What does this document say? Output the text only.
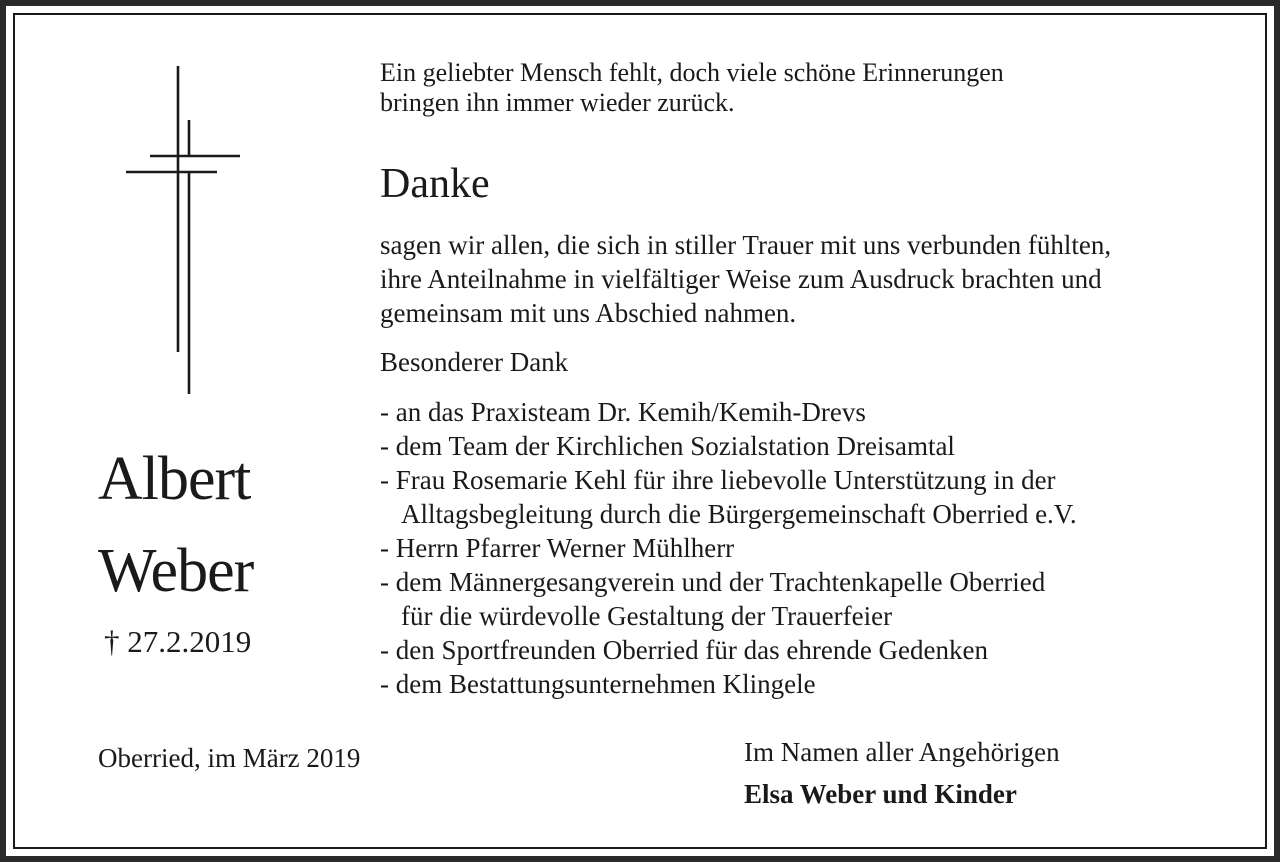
Albert
Weber
† 27.2.2019
Oberried, im März 2019
Ein geliebter Mensch fehlt, doch viele schöne Erinnerungen
bringen ihn immer wieder zurück.
Danke
sagen wir allen, die sich in stiller Trauer mit uns verbunden fühlten,
ihre Anteilnahme in vielfältiger Weise zum Ausdruck brachten und
gemeinsam mit uns Abschied nahmen.
Besonderer Dank
- an das Praxisteam Dr. Kemih/Kemih-Drevs
- dem Team der Kirchlichen Sozialstation Dreisamtal
- Frau Rosemarie Kehl für ihre liebevolle Unterstützung in der
Alltagsbegleitung durch die Bürgergemeinschaft Oberried e.V.
- Herrn Pfarrer Werner Mühlherr
- dem Männergesangverein und der Trachtenkapelle Oberried
für die würdevolle Gestaltung der Trauerfeier
- den Sportfreunden Oberried für das ehrende Gedenken
- dem Bestattungsunternehmen Klingele
Im Namen aller Angehörigen
Elsa Weber und Kinder
